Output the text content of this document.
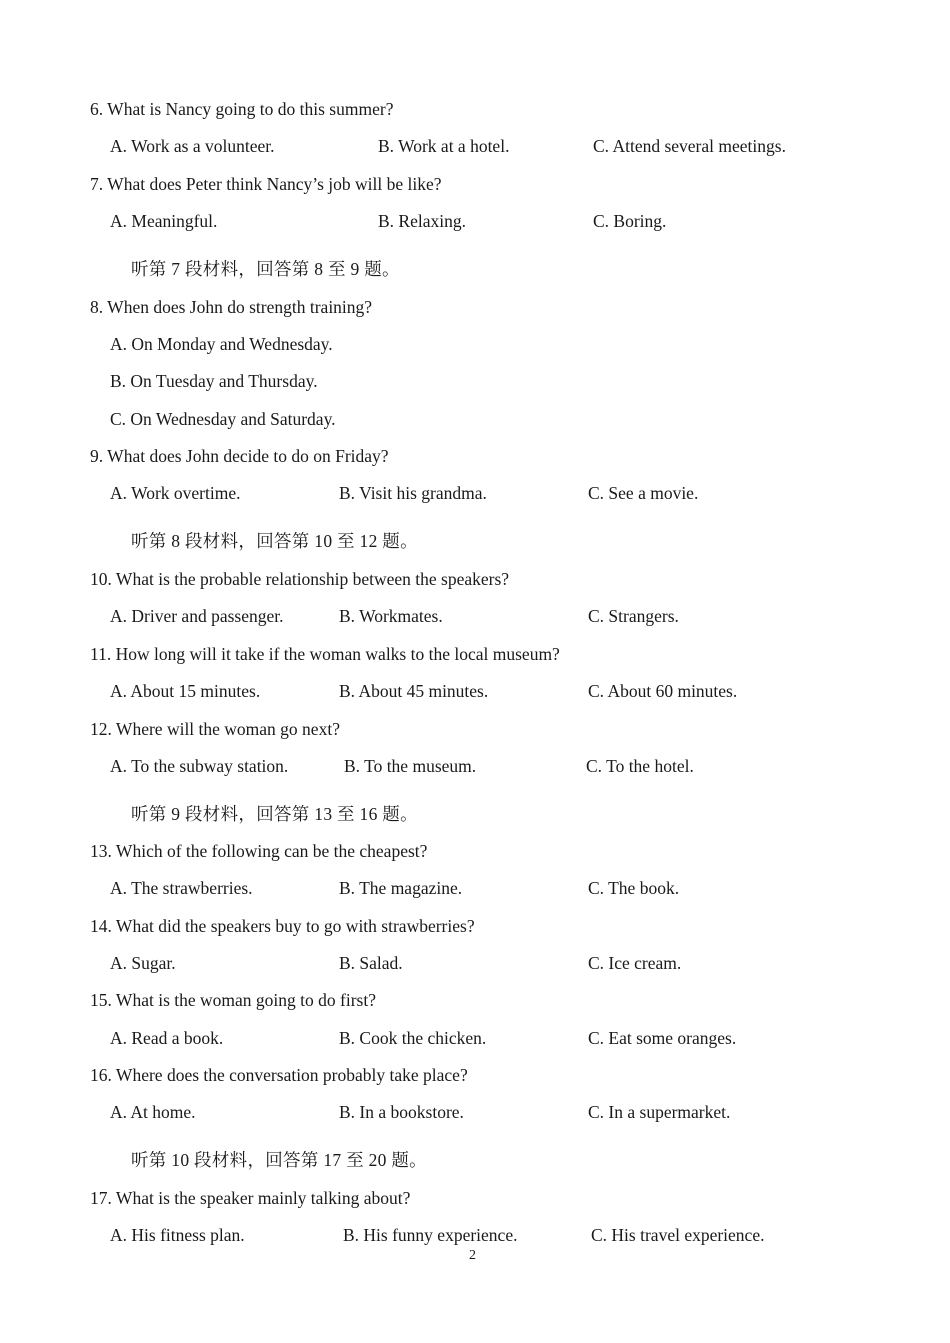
6. What is Nancy going to do this summer?
A. Work as a volunteer.	B. Work at a hotel.	C. Attend several meetings.
7. What does Peter think Nancy’s job will be like?
A. Meaningful.	B. Relaxing.	C. Boring.
听第 7 段材料，回答第 8 至 9 题。
8. When does John do strength training?
A. On Monday and Wednesday.
B. On Tuesday and Thursday.
C. On Wednesday and Saturday.
9. What does John decide to do on Friday?
A. Work overtime.	B. Visit his grandma.	C. See a movie.
听第 8 段材料，回答第 10 至 12 题。
10. What is the probable relationship between the speakers?
A. Driver and passenger.	B. Workmates.	C. Strangers.
11. How long will it take if the woman walks to the local museum?
A. About 15 minutes.	B. About 45 minutes.	C. About 60 minutes.
12. Where will the woman go next?
A. To the subway station.	B. To the museum.	C. To the hotel.
听第 9 段材料，回答第 13 至 16 题。
13. Which of the following can be the cheapest?
A. The strawberries.	B. The magazine.	C. The book.
14. What did the speakers buy to go with strawberries?
A. Sugar.	B. Salad.	C. Ice cream.
15. What is the woman going to do first?
A. Read a book.	B. Cook the chicken.	C. Eat some oranges.
16. Where does the conversation probably take place?
A. At home.	B. In a bookstore.	C. In a supermarket.
听第 10 段材料，回答第 17 至 20 题。
17. What is the speaker mainly talking about?
A. His fitness plan.	B. His funny experience.	C. His travel experience.
2
